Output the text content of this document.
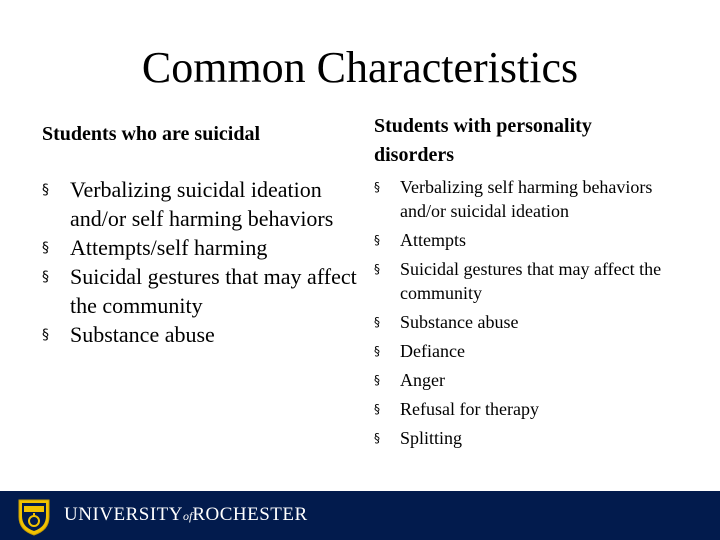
Common Characteristics
Students who are suicidal	Students with personality disorders
§ Verbalizing suicidal ideation and/or self harming behaviors
§ Attempts/self harming
§ Suicidal gestures that may affect the community
§ Substance abuse
§ Verbalizing self harming behaviors and/or suicidal ideation
§ Attempts
§ Suicidal gestures that may affect the community
§ Substance abuse
§ Defiance
§ Anger
§ Refusal for therapy
§ Splitting
UNIVERSITYofROCHESTER
